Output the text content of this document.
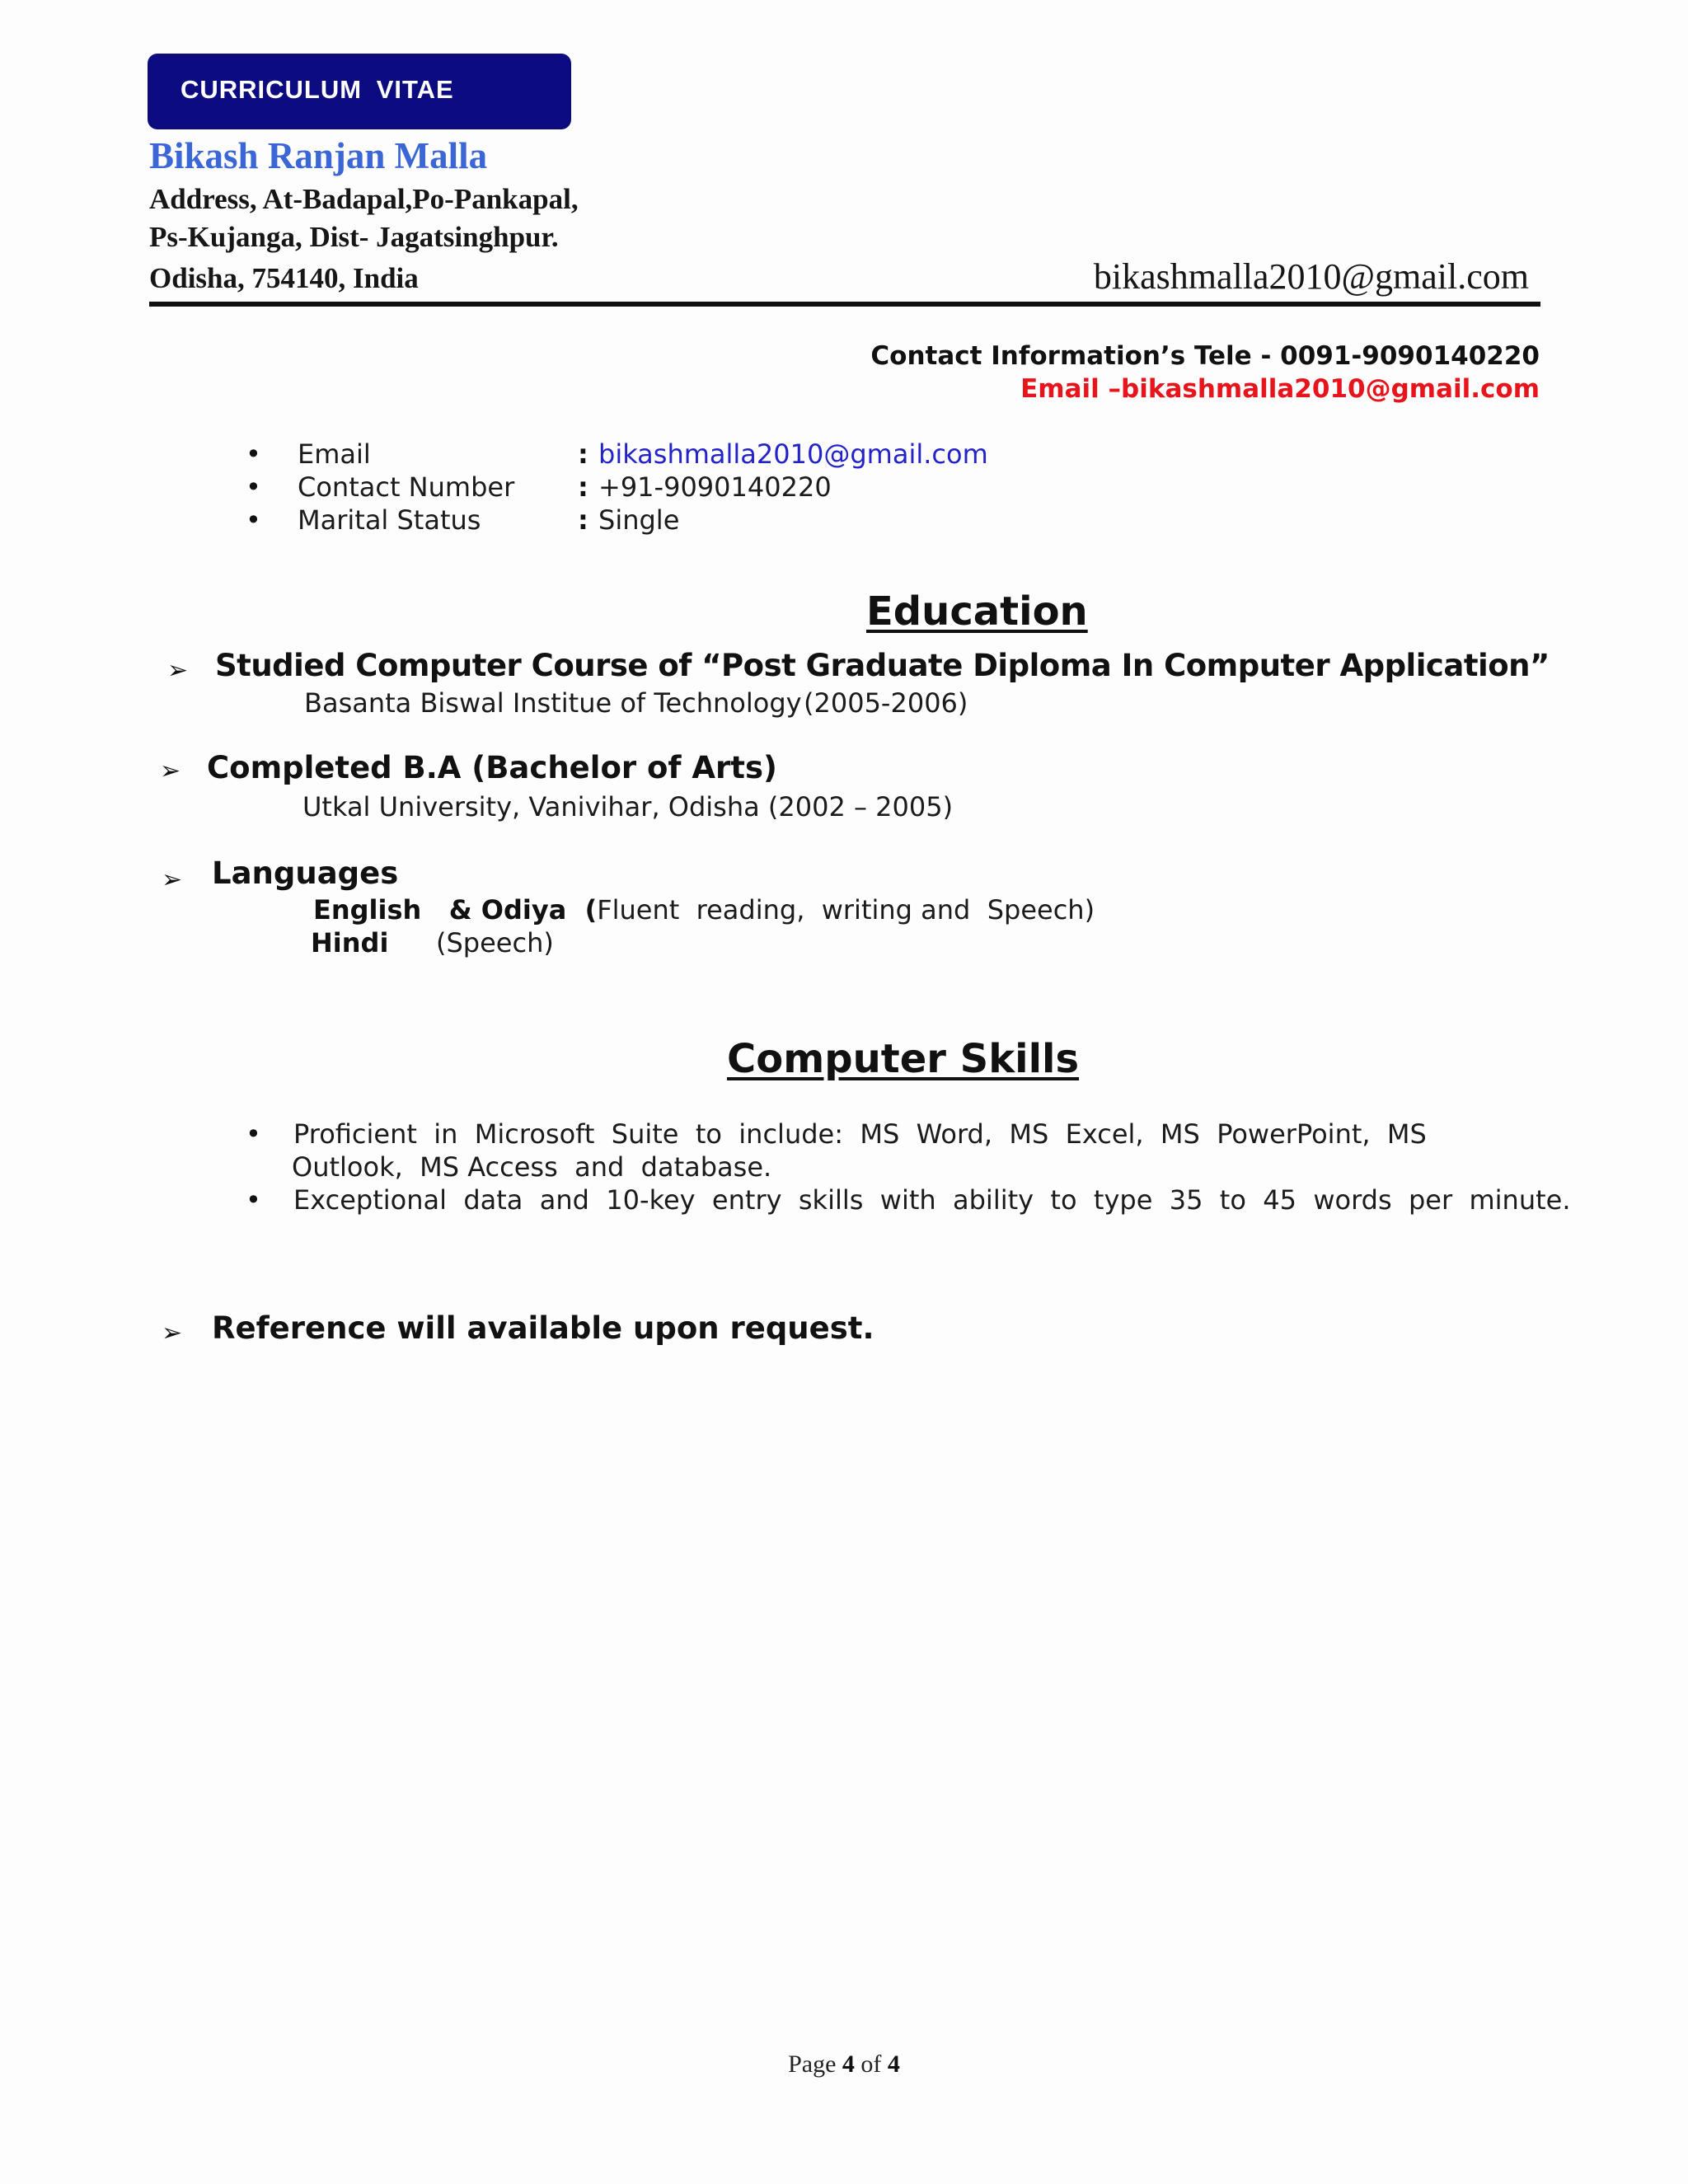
CURRICULUM VITAE
Bikash Ranjan Malla
Address, At-Badapal,Po-Pankapal,
Ps-Kujanga, Dist- Jagatsinghpur.
Odisha, 754140, India	bikashmalla2010@gmail.com
Contact Information’s Tele - 0091-9090140220
Email –bikashmalla2010@gmail.com
• Email	: bikashmalla2010@gmail.com
• Contact Number : +91-9090140220
• Marital Status	: Single
Education
➢ Studied Computer Course of “Post Graduate Diploma In Computer Application”
Basanta Biswal Institue of Technology (2005-2006)
➢ Completed B.A (Bachelor of Arts)
Utkal University, Vanivihar, Odisha (2002 – 2005)
➢ Languages
English   & Odiya  (Fluent  reading,  writing and  Speech)
Hindi (Speech)
Computer Skills
• Proficient  in  Microsoft  Suite  to  include:  MS  Word,  MS  Excel,  MS  PowerPoint,  MS
Outlook,  MS Access  and  database.
• Exceptional  data  and  10-key  entry  skills  with  ability  to  type  35  to  45  words  per  minute.
➢ Reference will available upon request.
Page 4 of 4
